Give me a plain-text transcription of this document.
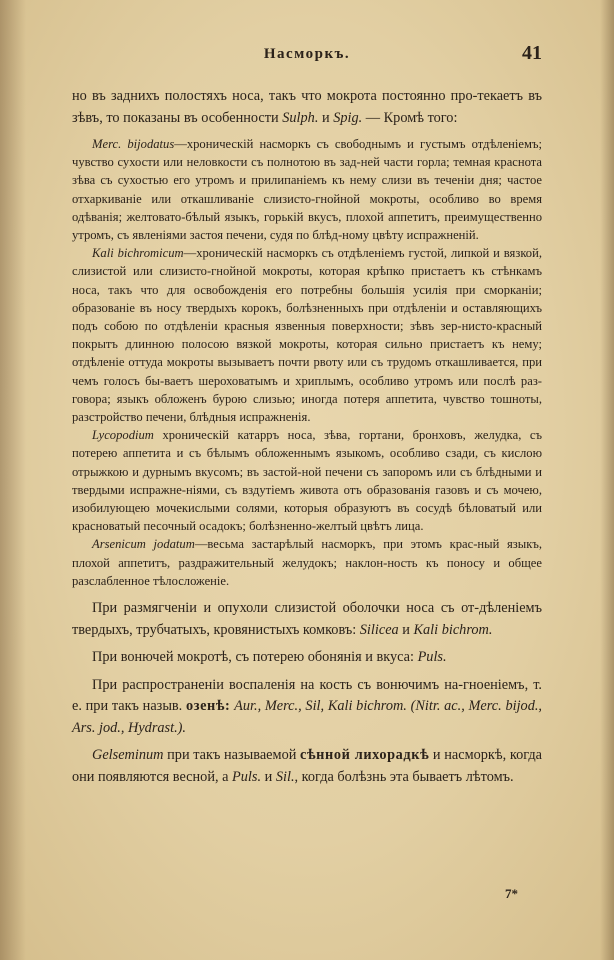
Насморкъ.	41

но въ заднихъ полостяхъ носа, такъ что мокрота постоянно про-текаетъ въ зѣвъ, то показаны въ особенности Sulph. и Spig. — Кромѣ того:

Merc. bijodatus—хроническій насморкъ съ свободнымъ и густымъ отдѣленіемъ; чувство сухости или неловкости съ полнотою въ зад-ней части горла; темная краснота зѣва съ сухостью его утромъ и прилипаніемъ къ нему слизи въ теченіи дня; частое отхаркиваніе или откашливаніе слизисто-гнойной мокроты, особливо во время одѣванія; желтовато-бѣлый языкъ, горькій вкусъ, плохой аппетитъ, преимущественно утромъ, съ явленіями застоя печени, судя по блѣд-ному цвѣту испражненій.

Kali bichromicum—хроническій насморкъ съ отдѣленіемъ густой, липкой и вязкой, слизистой или слизисто-гнойной мокроты, которая крѣпко пристаетъ къ стѣнкамъ носа, такъ что для освобожденія его потребны большія усилія при сморканіи; образованіе въ носу твердыхъ корокъ, болѣзненныхъ при отдѣленіи и оставляющихъ подъ собою по отдѣленіи красныя язвенныя поверхности; зѣвъ зер-нисто-красный покрытъ длинною полосою вязкой мокроты, которая сильно пристаетъ къ нему; отдѣленіе оттуда мокроты вызываетъ почти рвоту или съ трудомъ откашливается, при чемъ голосъ бы-ваетъ шероховатымъ и хриплымъ, особливо утромъ или послѣ раз-говора; языкъ обложенъ бурою слизью; иногда потеря аппетита, чувство тошноты, разстройство печени, блѣдныя испражненія.

Lycopodium хроническій катарръ носа, зѣва, гортани, бронховъ, желудка, съ потерею аппетита и съ бѣлымъ обложеннымъ языкомъ, особливо сзади, съ кислою отрыжкою и дурнымъ вкусомъ; въ застой-ной печени съ запоромъ или съ блѣдными и твердыми испражне-ніями, съ вздутіемъ живота отъ образованія газовъ и съ мочею, изобилующею мочекислыми солями, которыя образуютъ въ сосудѣ бѣловатый или красноватый песочный осадокъ; болѣзненно-желтый цвѣтъ лица.

Arsenicum jodatum—весьма застарѣлый насморкъ, при этомъ крас-ный языкъ, плохой аппетитъ, раздражительный желудокъ; наклон-ность къ поносу и общее разслабленное тѣлосложеніе.

При размягченіи и опухоли слизистой оболочки носа съ от-дѣленіемъ твердыхъ, трубчатыхъ, кровянистыхъ комковъ: Silicea и Kali bichrom.

При вонючей мокротѣ, съ потерею обонянія и вкуса: Puls.

При распространеніи воспаленія на кость съ вонючимъ на-гноеніемъ, т. е. при такъ назыв. озенѣ: Aur., Merc., Sil, Kali bichrom. (Nitr. ac., Merc. bijod., Ars. jod., Hydrast.).

Gelseminum при такъ называемой сѣнной лихорадкѣ и насморкѣ, когда они появляются весной, а Puls. и Sil., когда болѣзнь эта бываетъ лѣтомъ.

7*
